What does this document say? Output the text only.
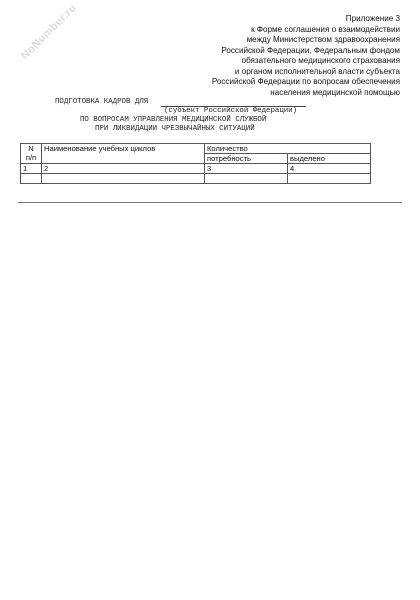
NoNumber.ru	Приложение 3
к Форме соглашения о взаимодействии
между Министерством здравоохранения
Российской Федерации, Федеральным фондом
обязательного медицинского страхования
и органом исполнительной власти субъекта
Российской Федерации по вопросам обеспечения
населения медицинской помощью
ПОДГОТОВКА КАДРОВ ДЛЯ
(субъект Российской Федерации)
ПО ВОПРОСАМ УПРАВЛЕНИЯ МЕДИЦИНСКОЙ СЛУЖБОЙ
ПРИ ЛИКВИДАЦИИ ЧРЕЗВЫЧАЙНЫХ СИТУАЦИЙ
N
п/п	Наименование учебных циклов	Количество	
		потребность	выделено
1	2	3	4
